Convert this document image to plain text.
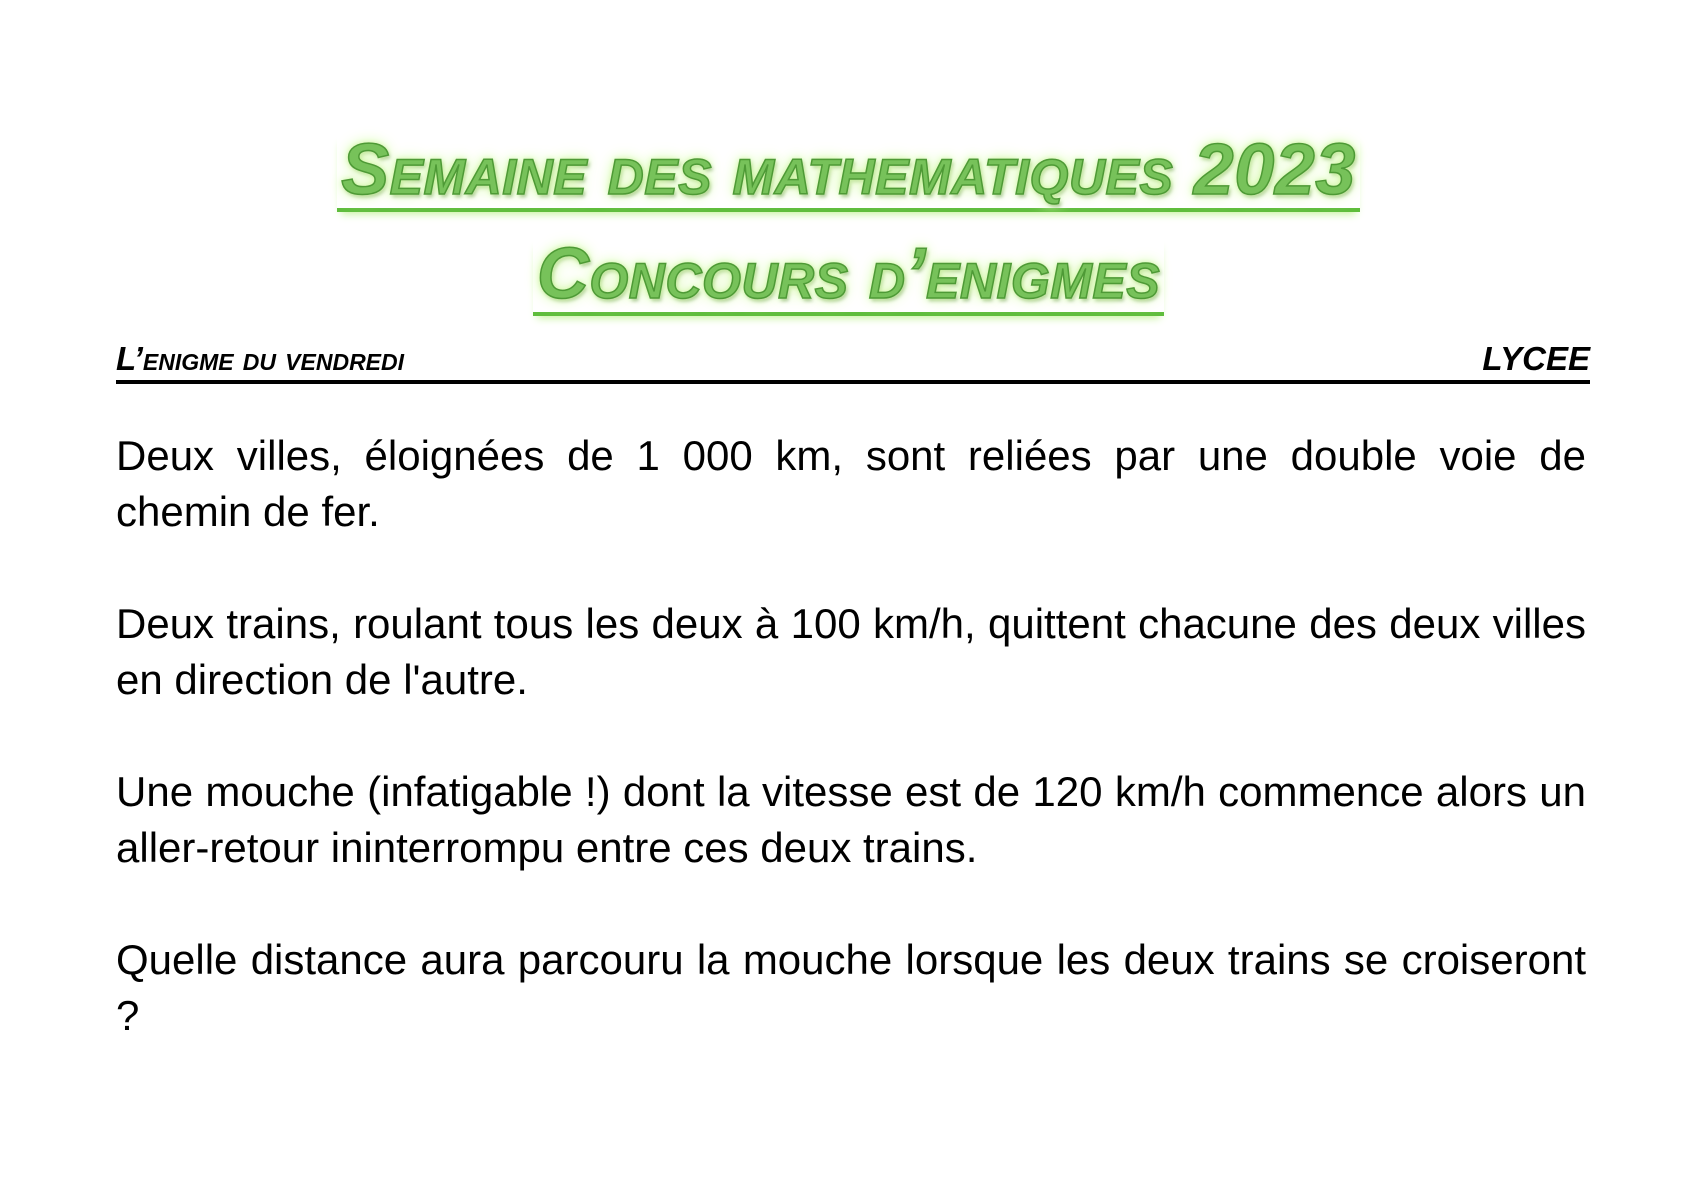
Semaine des mathematiques 2023
Concours d’enigmes
L’enigme du vendredi	LYCEE

Deux villes, éloignées de 1 000 km, sont reliées par une double voie de chemin de fer.

Deux trains, roulant tous les deux à 100 km/h, quittent chacune des deux villes en direction de l'autre.

Une mouche (infatigable !) dont la vitesse est de 120 km/h commence alors un aller-retour ininterrompu entre ces deux trains.

Quelle distance aura parcouru la mouche lorsque les deux trains se croiseront ?
